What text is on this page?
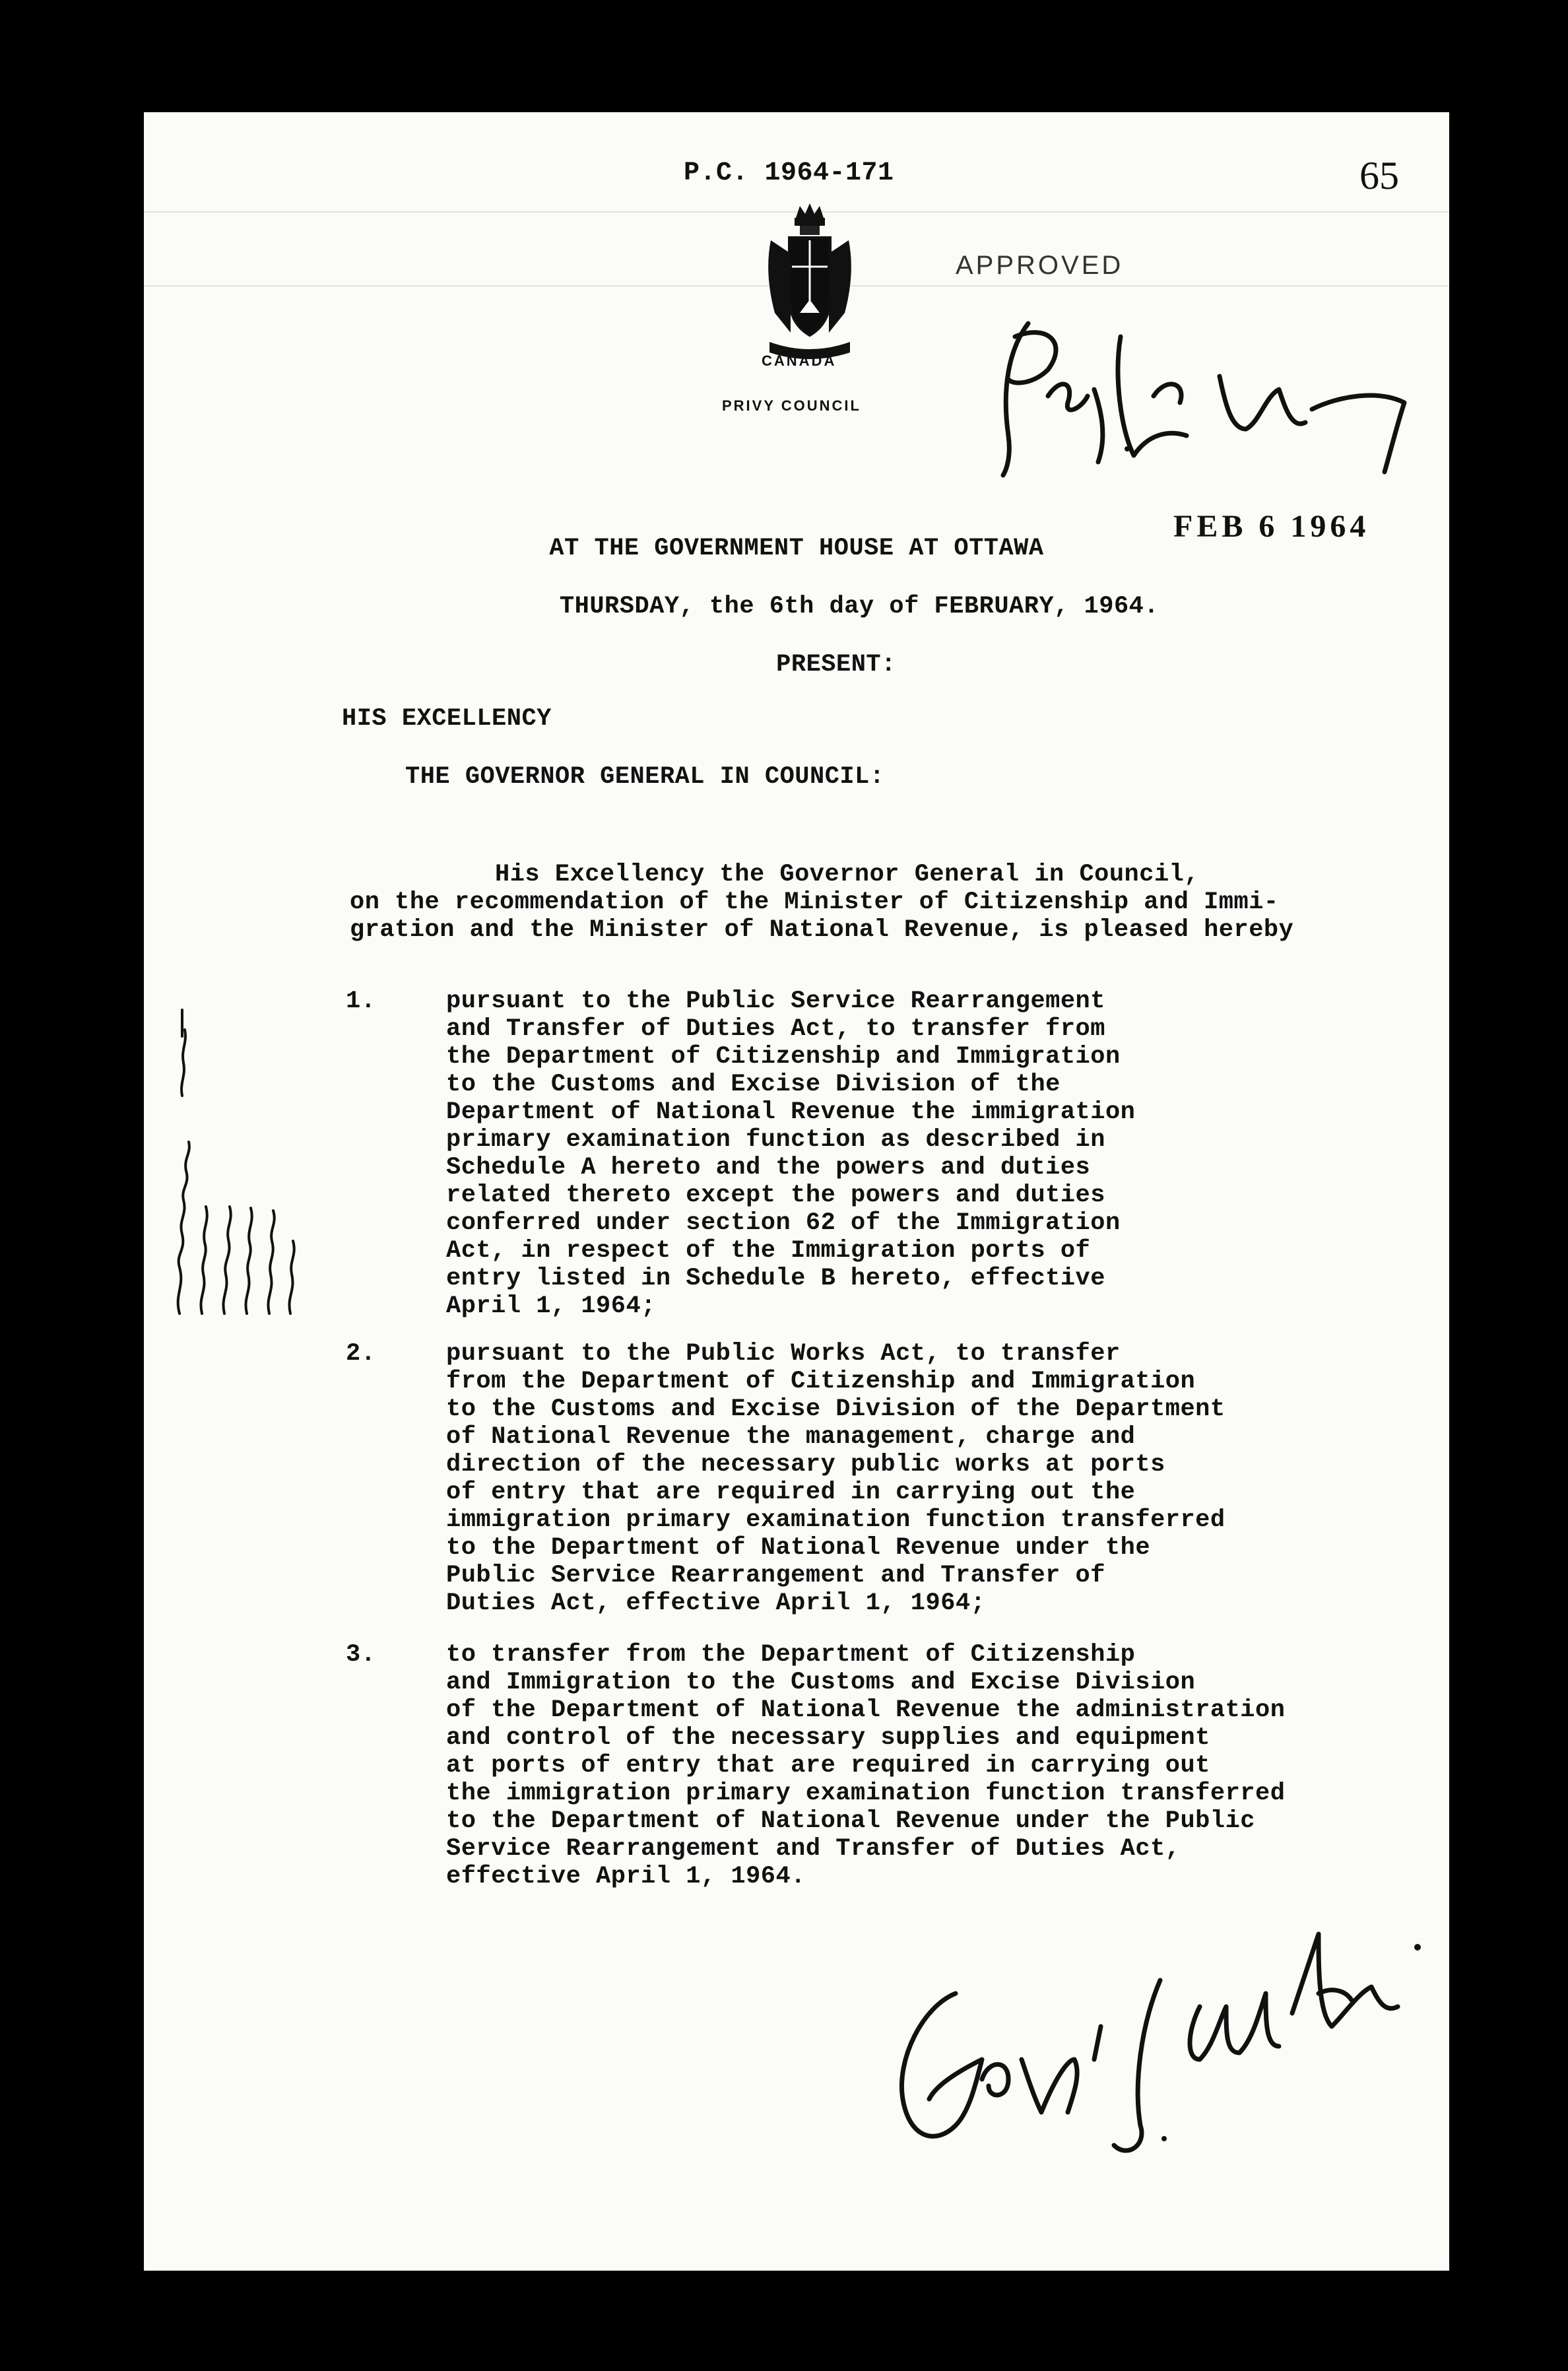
P.C. 1964-171	65
CANADA
PRIVY COUNCIL
APPROVED
FEB 6 1964
AT THE GOVERNMENT HOUSE AT OTTAWA
THURSDAY, the 6th day of FEBRUARY, 1964.
PRESENT:
HIS EXCELLENCY
THE GOVERNOR GENERAL IN COUNCIL:
His Excellency the Governor General in Council,
on the recommendation of the Minister of Citizenship and Immi-
gration and the Minister of National Revenue, is pleased hereby
1.	pursuant to the Public Service Rearrangement
and Transfer of Duties Act, to transfer from
the Department of Citizenship and Immigration
to the Customs and Excise Division of the
Department of National Revenue the immigration
primary examination function as described in
Schedule A hereto and the powers and duties
related thereto except the powers and duties
conferred under section 62 of the Immigration
Act, in respect of the Immigration ports of
entry listed in Schedule B hereto, effective
April 1, 1964;
2.	pursuant to the Public Works Act, to transfer
from the Department of Citizenship and Immigration
to the Customs and Excise Division of the Department
of National Revenue the management, charge and
direction of the necessary public works at ports
of entry that are required in carrying out the
immigration primary examination function transferred
to the Department of National Revenue under the
Public Service Rearrangement and Transfer of
Duties Act, effective April 1, 1964;
3.	to transfer from the Department of Citizenship
and Immigration to the Customs and Excise Division
of the Department of National Revenue the administration
and control of the necessary supplies and equipment
at ports of entry that are required in carrying out
the immigration primary examination function transferred
to the Department of National Revenue under the Public
Service Rearrangement and Transfer of Duties Act,
effective April 1, 1964.
